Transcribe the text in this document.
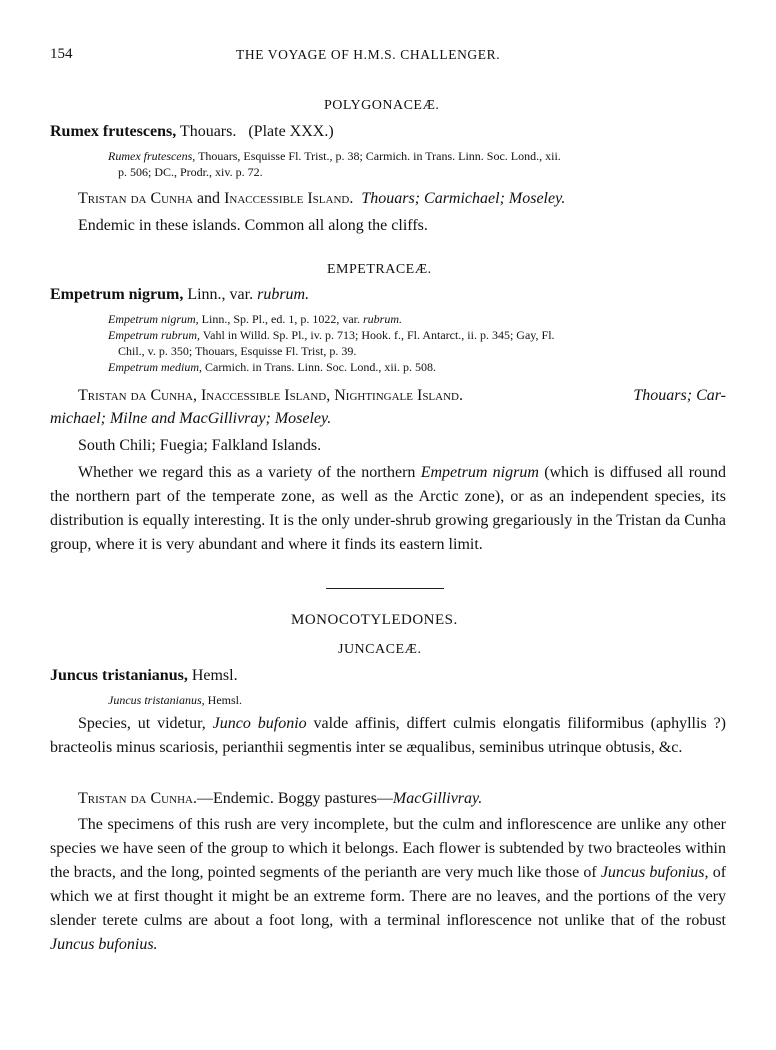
154	THE VOYAGE OF H.M.S. CHALLENGER.
POLYGONACEÆ.
Rumex frutescens, Thouars. (Plate XXX.)
Rumex frutescens, Thouars, Esquisse Fl. Trist., p. 38; Carmich. in Trans. Linn. Soc. Lond., xii.
p. 506; DC., Prodr., xiv. p. 72.
Tristan da Cunha and Inaccessible Island. Thouars; Carmichael; Moseley.
Endemic in these islands. Common all along the cliffs.
EMPETRACEÆ.
Empetrum nigrum, Linn., var. rubrum.
Empetrum nigrum, Linn., Sp. Pl., ed. 1, p. 1022, var. rubrum.
Empetrum rubrum, Vahl in Willd. Sp. Pl., iv. p. 713; Hook. f., Fl. Antarct., ii. p. 345; Gay, Fl.
Chil., v. p. 350; Thouars, Esquisse Fl. Trist, p. 39.
Empetrum medium, Carmich. in Trans. Linn. Soc. Lond., xii. p. 508.
Tristan da Cunha, Inaccessible Island, Nightingale Island.	Thouars; Car-
michael; Milne and MacGillivray; Moseley.
South Chili; Fuegia; Falkland Islands.
Whether we regard this as a variety of the northern Empetrum nigrum (which is diffused all round the northern part of the temperate zone, as well as the Arctic zone), or as an independent species, its distribution is equally interesting. It is the only under-shrub growing gregariously in the Tristan da Cunha group, where it is very abundant and where it finds its eastern limit.
MONOCOTYLEDONES.
JUNCACEÆ.
Juncus tristanianus, Hemsl.
Juncus tristanianus, Hemsl.
Species, ut videtur, Junco bufonio valde affinis, differt culmis elongatis filiformibus (aphyllis ?) bracteolis minus scariosis, perianthii segmentis inter se æqualibus, seminibus utrinque obtusis, &c.
Tristan da Cunha.—Endemic. Boggy pastures—MacGillivray.
The specimens of this rush are very incomplete, but the culm and inflorescence are unlike any other species we have seen of the group to which it belongs. Each flower is subtended by two bracteoles within the bracts, and the long, pointed segments of the perianth are very much like those of Juncus bufonius, of which we at first thought it might be an extreme form. There are no leaves, and the portions of the very slender terete culms are about a foot long, with a terminal inflorescence not unlike that of the robust Juncus bufonius.
